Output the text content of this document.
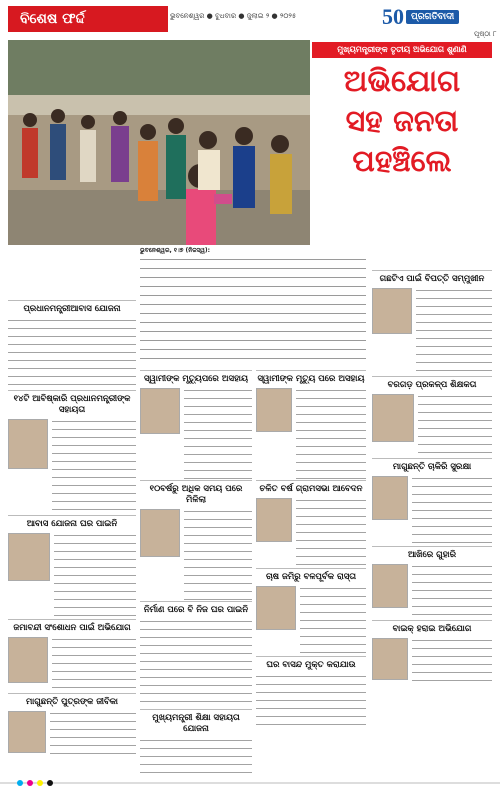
ବିଶେଷ ଫର୍ଦ୍ଦ	ଭୁବନେଶ୍ୱର ● ବୁଧବାର ● ଜୁଲାଇ ୨ ● ୨୦୨୫	50 ପ୍ରଗତିବାଦୀ
ପୃଷ୍ଠା ୮
ମୁଖ୍ୟମନ୍ତ୍ରୀଙ୍କ ତୃତୀୟ ଅଭିଯୋଗ ଶୁଣାଣି
ଅଭିଯୋଗ
ସହ ଜନତା
ପହଞ୍ଚିଲେ
ଭୁବନେଶ୍ୱର, ୧।୭ (ନିଜସ୍ୱ):
ପ୍ରଧାନମନ୍ତ୍ରୀଆବାସ ଯୋଜନା
୧୪ଟି ଆବିଷ୍କାରି ପ୍ରଧାନମନ୍ତ୍ରୀଙ୍କ ସହାୟତା
ଆବାସ ଯୋଜନା ଘର ପାଇନି
ଜମାବନ୍ଦୀ ସଂଶୋଧନ ପାଇଁ ଅଭିଯୋଗ
ମାଗୁଛନ୍ତି ପୁତ୍ରଙ୍କ ଜୀବିକା
ସ୍ୱାମୀଙ୍କ ମୃତ୍ୟୁପରେ ଅସହାୟ
୧୦ବର୍ଷରୁ ଅଧିକ ସମୟ ପରେ ମିଳିଲା
ନିର୍ମାଣ ପରେ ବି ନିଜ ଘର ପାଇନି
ମୁଖ୍ୟମନ୍ତ୍ରୀ ଶିକ୍ଷା ସହାୟତା ଯୋଜନା
ସ୍ୱାମୀଙ୍କ ମୃତ୍ୟୁ ପରେ ଅସହାୟ
ଚଳିତ ବର୍ଷ ଗ୍ରାମସଭା ଆବେଦନ
ଚାଷ ଜମିରୁ ବଳପୂର୍ବକ ରାସ୍ତା
ଘର ବାସନ୍ଦ ମୁକ୍ତ କରାଯାଉ
ଗଛଟିଏ ପାଇଁ ବିପତ୍ତି ସମ୍ମୁଖୀନ
ବରଗଡ଼ ପ୍ରକଳ୍ପ ଶିକ୍ଷକତା
ମାଗୁଛନ୍ତି ଚାକିରି ସୁରକ୍ଷା
ଆଖିରେ ଗୁହାରି
ବାଇକ୍ ହରାଇ ଅଭିଯୋଗ
